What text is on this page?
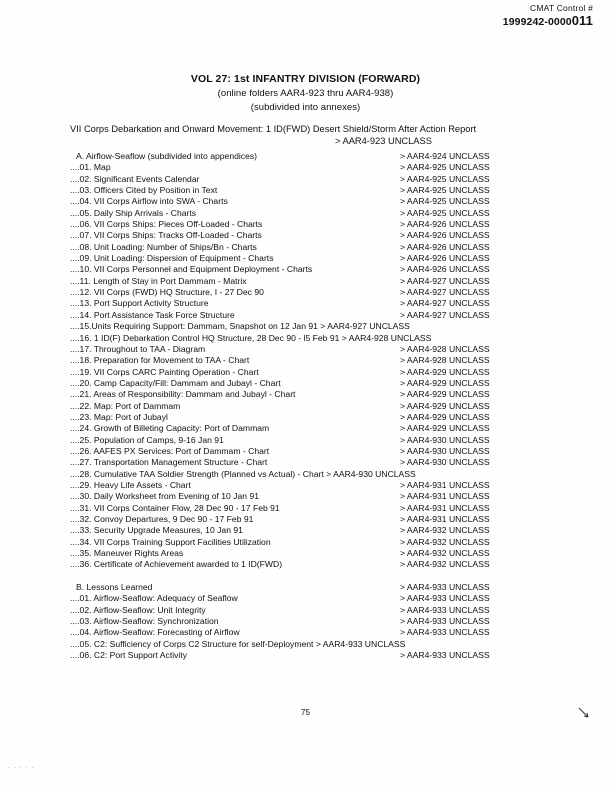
CMAT Control #
1999242-0000011
VOL 27: 1st INFANTRY DIVISION (FORWARD)
(online folders AAR4-923 thru AAR4-938)
(subdivided into annexes)
VII Corps Debarkation and Onward Movement: 1 ID(FWD) Desert Shield/Storm After Action Report
> AAR4-923 UNCLASS
A. Airflow-Seaflow (subdivided into appendices)	> AAR4-924 UNCLASS
....01. Map	> AAR4-925 UNCLASS
....02. Significant Events Calendar	> AAR4-925 UNCLASS
....03. Officers Cited by Position in Text	> AAR4-925 UNCLASS
....04. VII Corps Airflow into SWA - Charts	> AAR4-925 UNCLASS
....05. Daily Ship Arrivals - Charts	> AAR4-925 UNCLASS
....06. VII Corps Ships: Pieces Off-Loaded - Charts	> AAR4-926 UNCLASS
....07. VII Corps Ships: Tracks Off-Loaded - Charts	> AAR4-926 UNCLASS
....08. Unit Loading: Number of Ships/Bn - Charts	> AAR4-926 UNCLASS
....09. Unit Loading: Dispersion of Equipment - Charts	> AAR4-926 UNCLASS
....10. VII Corps Personnel and Equipment Deployment - Charts	> AAR4-926 UNCLASS
....11. Length of Stay in Port Dammam - Matrix	> AAR4-927 UNCLASS
....12. VII Corps (FWD) HQ Structure, I - 27 Dec 90	> AAR4-927 UNCLASS
....13. Port Support Activity Structure	> AAR4-927 UNCLASS
....14. Port Assistance Task Force Structure	> AAR4-927 UNCLASS
....15.Units Requiring Support: Dammam, Snapshot on 12 Jan 91 > AAR4-927 UNCLASS
....16. 1 ID(F) Debarkation Control HQ Structure, 28 Dec 90 - l5 Feb 91 > AAR4-928 UNCLASS
....17. Throughout to TAA - Diagram	> AAR4-928 UNCLASS
....18. Preparation for Movement to TAA - Chart	> AAR4-928 UNCLASS
....19. VII Corps CARC Painting Operation - Chart	> AAR4-929 UNCLASS
....20. Camp Capacity/Fill: Dammam and Jubayl - Chart	> AAR4-929 UNCLASS
....21. Areas of Responsibility: Dammam and Jubayl - Chart	> AAR4-929 UNCLASS
....22. Map: Port of Dammam	> AAR4-929 UNCLASS
....23. Map: Port of Jubayl	> AAR4-929 UNCLASS
....24. Growth of Billeting Capacity: Port of Dammam	> AAR4-929 UNCLASS
....25. Population of Camps, 9-16 Jan 91	> AAR4-930 UNCLASS
....26. AAFES PX Services: Port of Dammam - Chart	> AAR4-930 UNCLASS
....27. Transportation Management Structure - Chart	> AAR4-930 UNCLASS
....28. Cumulative TAA Soldier Strength (Planned vs Actual) - Chart > AAR4-930 UNCLASS
....29. Heavy Life Assets - Chart	> AAR4-931 UNCLASS
....30. Daily Worksheet from Evening of 10 Jan 91	> AAR4-931 UNCLASS
....31. VII Corps Container Flow, 28 Dec 90 - 17 Feb 91	> AAR4-931 UNCLASS
....32. Convoy Departures, 9 Dec 90 - 17 Feb 91	> AAR4-931 UNCLASS
....33. Security Upgrade Measures, 10 Jan 91	> AAR4-932 UNCLASS
....34. VII Corps Training Support Facilities Utilization	> AAR4-932 UNCLASS
....35. Maneuver Rights Areas	> AAR4-932 UNCLASS
....36. Certificate of Achievement awarded to 1 ID(FWD)	> AAR4-932 UNCLASS
B. Lessons Learned	> AAR4-933 UNCLASS
....01. Airflow-Seaflow: Adequacy of Seaflow	> AAR4-933 UNCLASS
....02. Airflow-Seaflow: Unit Integrity	> AAR4-933 UNCLASS
....03. Airflow-Seaflow: Synchronization	> AAR4-933 UNCLASS
....04. Airflow-Seaflow: Forecasting of Airflow	> AAR4-933 UNCLASS
....05. C2: Sufficiency of Corps C2 Structure for self-Deployment > AAR4-933 UNCLASS
....06. C2: Port Support Activity	> AAR4-933 UNCLASS
75
. . . . .
